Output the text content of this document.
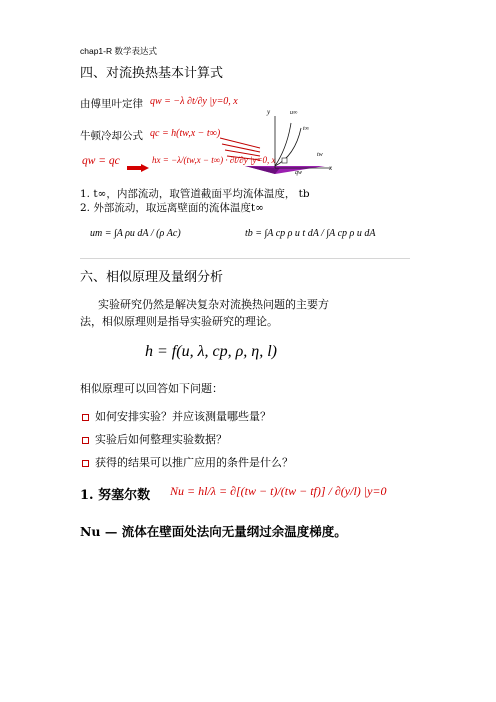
chap1-R 数学表达式
四、对流换热基本计算式
由傅里叶定律 qw = −λ ∂t/∂y |y=0, x
牛顿冷却公式 qc = h(tw,x − t∞)
qw = qc	hx = −λ/(tw,x − t∞) · ∂t/∂y |y=0, x
y	u∞
t∞
x
qw
tw
1. t∞，内部流动，取管道截面平均流体温度， tb
2. 外部流动，取远离壁面的流体温度t∞
um = ∫A ρu dA / (ρ Ac)	tb = ∫A cp ρ u t dA / ∫A cp ρ u dA
六、相似原理及量纲分析
实验研究仍然是解决复杂对流换热问题的主要方
法，相似原理则是指导实验研究的理论。
h = f(u, λ, cp, ρ, η, l)
相似原理可以回答如下问题：
如何安排实验？并应该测量哪些量？
实验后如何整理实验数据？
获得的结果可以推广应用的条件是什么？
1. 努塞尔数 Nu = hl/λ = ∂[(tw − t)/(tw − tf)] / ∂(y/l) |y=0
Nu — 流体在壁面处法向无量纲过余温度梯度。
